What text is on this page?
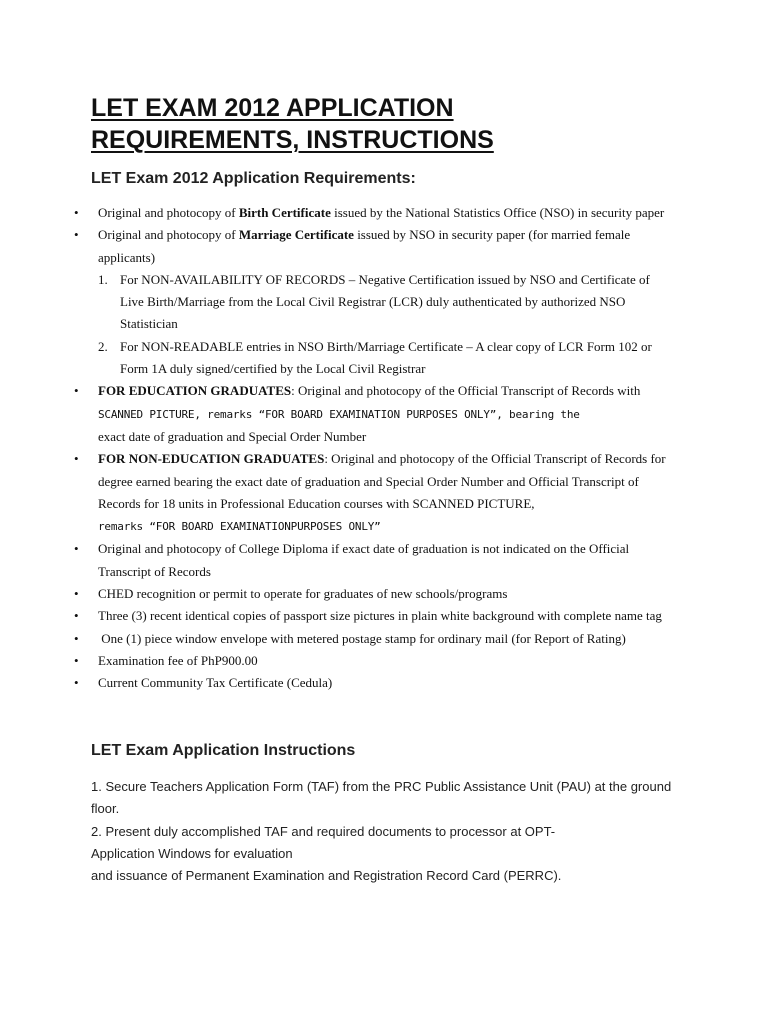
LET EXAM 2012 APPLICATION
REQUIREMENTS, INSTRUCTIONS
LET Exam 2012 Application Requirements:
• Original and photocopy of Birth Certificate issued by the National Statistics Office (NSO) in security paper
• Original and photocopy of Marriage Certificate issued by NSO in security paper (for married female applicants)
1. For NON-AVAILABILITY OF RECORDS – Negative Certification issued by NSO and Certificate of Live Birth/Marriage from the Local Civil Registrar (LCR) duly authenticated by authorized NSO Statistician
2. For NON-READABLE entries in NSO Birth/Marriage Certificate – A clear copy of LCR Form 102 or Form 1A duly signed/certified by the Local Civil Registrar
• FOR EDUCATION GRADUATES: Original and photocopy of the Official Transcript of Records with
SCANNED PICTURE, remarks “FOR BOARD EXAMINATION PURPOSES ONLY”, bearing the
exact date of graduation and Special Order Number
• FOR NON-EDUCATION GRADUATES: Original and photocopy of the Official Transcript of Records for degree earned bearing the exact date of graduation and Special Order Number and Official Transcript of Records for 18 units in Professional Education courses with SCANNED PICTURE,
remarks “FOR BOARD EXAMINATIONPURPOSES ONLY”
• Original and photocopy of College Diploma if exact date of graduation is not indicated on the Official Transcript of Records
• CHED recognition or permit to operate for graduates of new schools/programs
• Three (3) recent identical copies of passport size pictures in plain white background with complete name tag
• One (1) piece window envelope with metered postage stamp for ordinary mail (for Report of Rating)
• Examination fee of PhP900.00
• Current Community Tax Certificate (Cedula)
LET Exam Application Instructions

1. Secure Teachers Application Form (TAF) from the PRC Public Assistance Unit (PAU) at the ground floor.

2. Present duly accomplished TAF and required documents to processor at OPT-

Application Windows for evaluation

and issuance of Permanent Examination and Registration Record Card (PERRC).
